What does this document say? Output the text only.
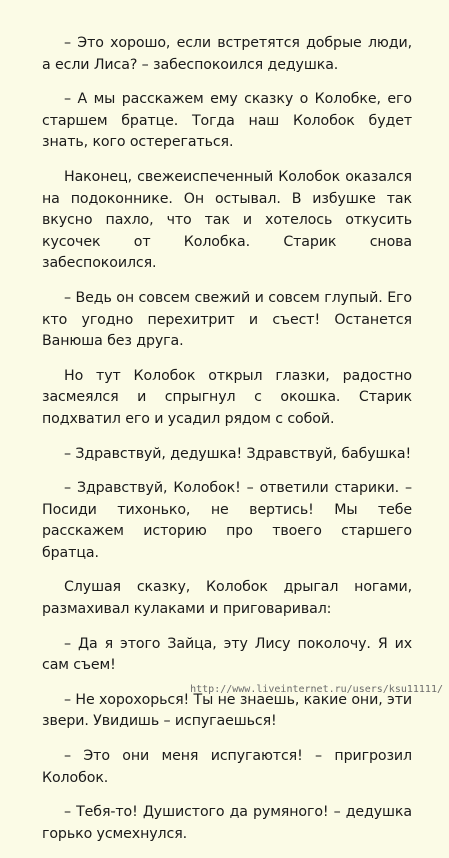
– Это хорошо, если встретятся добрые люди, а если Лиса? – забеспокоился дедушка.

– А мы расскажем ему сказку о Колобке, его старшем братце. Тогда наш Колобок будет знать, кого остерегаться.

Наконец, свежеиспеченный Колобок оказался на подоконнике. Он остывал. В избушке так вкусно пахло, что так и хотелось откусить кусочек от Колобка. Старик снова забеспокоился.

– Ведь он совсем свежий и совсем глупый. Его кто угодно перехитрит и съест! Останется Ванюша без друга.

Но тут Колобок открыл глазки, радостно засмеялся и спрыгнул с окошка. Старик подхватил его и усадил рядом с собой.

– Здравствуй, дедушка! Здравствуй, бабушка!

– Здравствуй, Колобок! – ответили старики. – Посиди тихонько, не вертись! Мы тебе расскажем историю про твоего старшего братца.

Слушая сказку, Колобок дрыгал ногами, размахивал кулаками и приговаривал:

– Да я этого Зайца, эту Лису поколочу. Я их сам съем!

– Не хорохорься! Ты не знаешь, какие они, эти звери. Увидишь – испугаешься!

– Это они меня испугаются! – пригрозил Колобок.

– Тебя-то! Душистого да румяного! – дедушка горько усмехнулся.

http://www.liveinternet.ru/users/ksu11111/
